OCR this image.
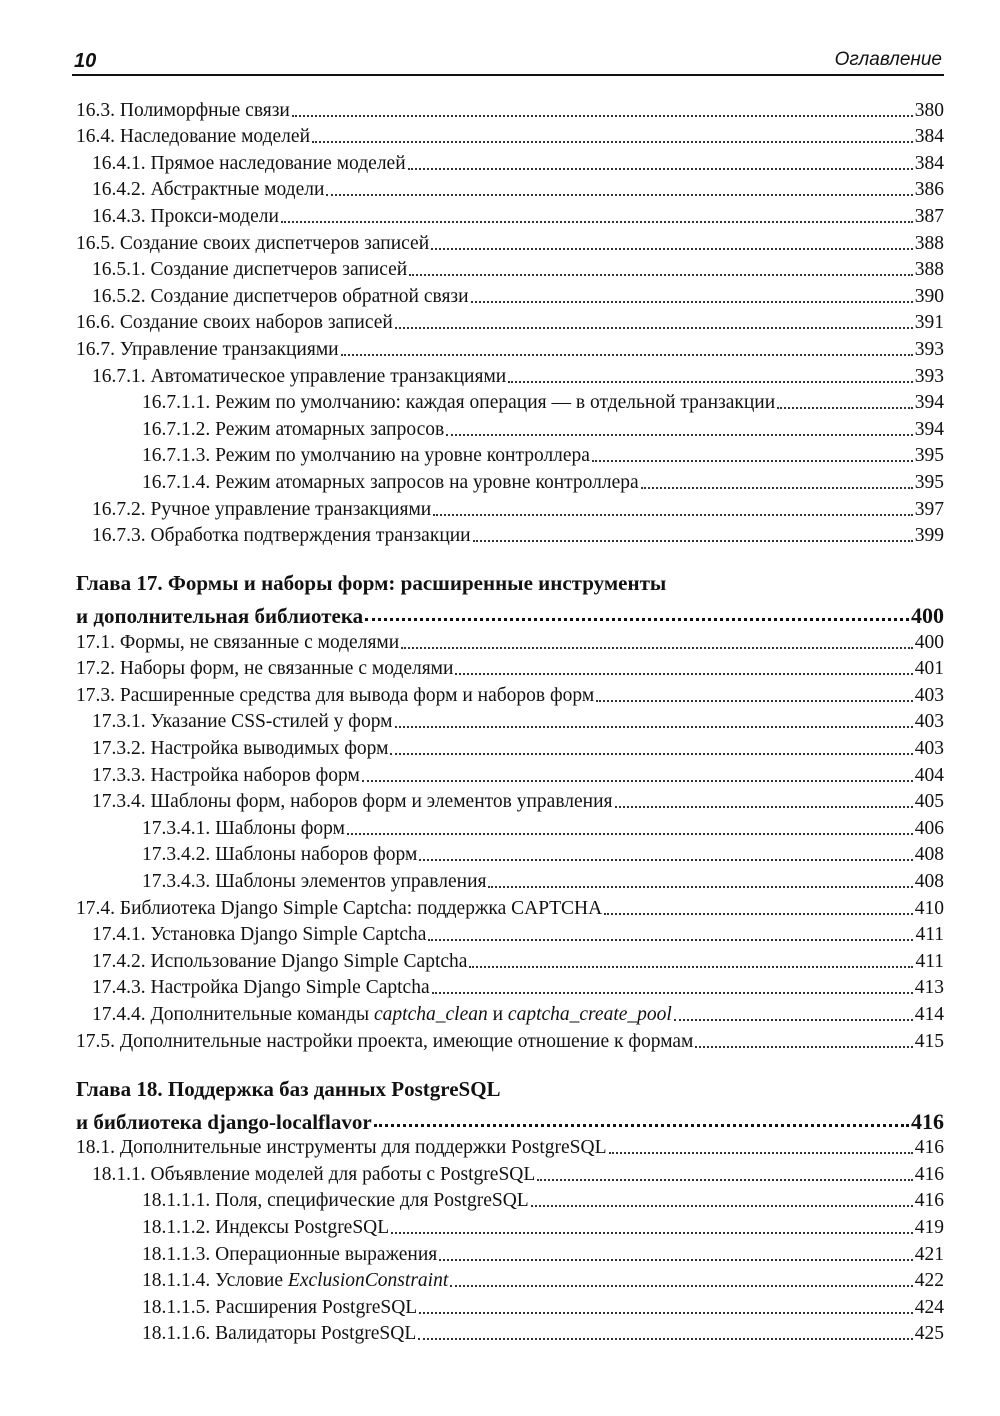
10	Оглавление
16.3. Полиморфные связи	380
16.4. Наследование моделей	384
16.4.1. Прямое наследование моделей	384
16.4.2. Абстрактные модели	386
16.4.3. Прокси-модели	387
16.5. Создание своих диспетчеров записей	388
16.5.1. Создание диспетчеров записей	388
16.5.2. Создание диспетчеров обратной связи	390
16.6. Создание своих наборов записей	391
16.7. Управление транзакциями	393
16.7.1. Автоматическое управление транзакциями	393
16.7.1.1. Режим по умолчанию: каждая операция — в отдельной транзакции	394
16.7.1.2. Режим атомарных запросов	394
16.7.1.3. Режим по умолчанию на уровне контроллера	395
16.7.1.4. Режим атомарных запросов на уровне контроллера	395
16.7.2. Ручное управление транзакциями	397
16.7.3. Обработка подтверждения транзакции	399
Глава 17. Формы и наборы форм: расширенные инструменты
и дополнительная библиотека	400
17.1. Формы, не связанные с моделями	400
17.2. Наборы форм, не связанные с моделями	401
17.3. Расширенные средства для вывода форм и наборов форм	403
17.3.1. Указание CSS-стилей у форм	403
17.3.2. Настройка выводимых форм	403
17.3.3. Настройка наборов форм	404
17.3.4. Шаблоны форм, наборов форм и элементов управления	405
17.3.4.1. Шаблоны форм	406
17.3.4.2. Шаблоны наборов форм	408
17.3.4.3. Шаблоны элементов управления	408
17.4. Библиотека Django Simple Captcha: поддержка CAPTCHA	410
17.4.1. Установка Django Simple Captcha	411
17.4.2. Использование Django Simple Captcha	411
17.4.3. Настройка Django Simple Captcha	413
17.4.4. Дополнительные команды captcha_clean и captcha_create_pool	414
17.5. Дополнительные настройки проекта, имеющие отношение к формам	415
Глава 18. Поддержка баз данных PostgreSQL
и библиотека django-localflavor	416
18.1. Дополнительные инструменты для поддержки PostgreSQL	416
18.1.1. Объявление моделей для работы с PostgreSQL	416
18.1.1.1. Поля, специфические для PostgreSQL	416
18.1.1.2. Индексы PostgreSQL	419
18.1.1.3. Операционные выражения	421
18.1.1.4. Условие ExclusionConstraint	422
18.1.1.5. Расширения PostgreSQL	424
18.1.1.6. Валидаторы PostgreSQL	425
